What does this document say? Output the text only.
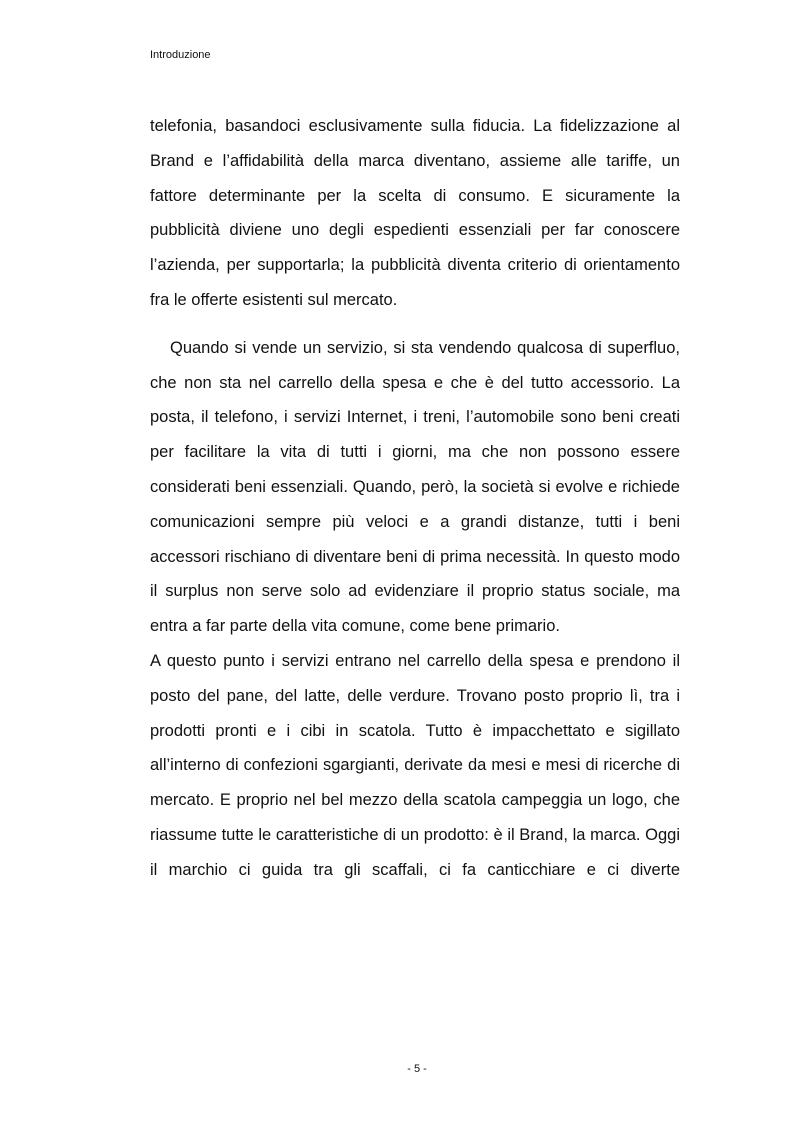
Introduzione

telefonia, basandoci esclusivamente sulla fiducia. La fidelizzazione al Brand e l’affidabilità della marca diventano, assieme alle tariffe, un fattore determinante per la scelta di consumo. E sicuramente la pubblicità diviene uno degli espedienti essenziali per far conoscere l’azienda, per supportarla; la pubblicità diventa criterio di orientamento fra le offerte esistenti sul mercato.

Quando si vende un servizio, si sta vendendo qualcosa di superfluo, che non sta nel carrello della spesa e che è del tutto accessorio. La posta, il telefono, i servizi Internet, i treni, l’automobile sono beni creati per facilitare la vita di tutti i giorni, ma che non possono essere considerati beni essenziali. Quando, però, la società si evolve e richiede comunicazioni sempre più veloci e a grandi distanze, tutti i beni accessori rischiano di diventare beni di prima necessità. In questo modo il surplus non serve solo ad evidenziare il proprio status sociale, ma entra a far parte della vita comune, come bene primario.

A questo punto i servizi entrano nel carrello della spesa e prendono il posto del pane, del latte, delle verdure. Trovano posto proprio lì, tra i prodotti pronti e i cibi in scatola. Tutto è impacchettato e sigillato all’interno di confezioni sgargianti, derivate da mesi e mesi di ricerche di mercato. E proprio nel bel mezzo della scatola campeggia un logo, che riassume tutte le caratteristiche di un prodotto: è il Brand, la marca. Oggi il marchio ci guida tra gli scaffali, ci fa canticchiare e ci diverte

- 5 -
